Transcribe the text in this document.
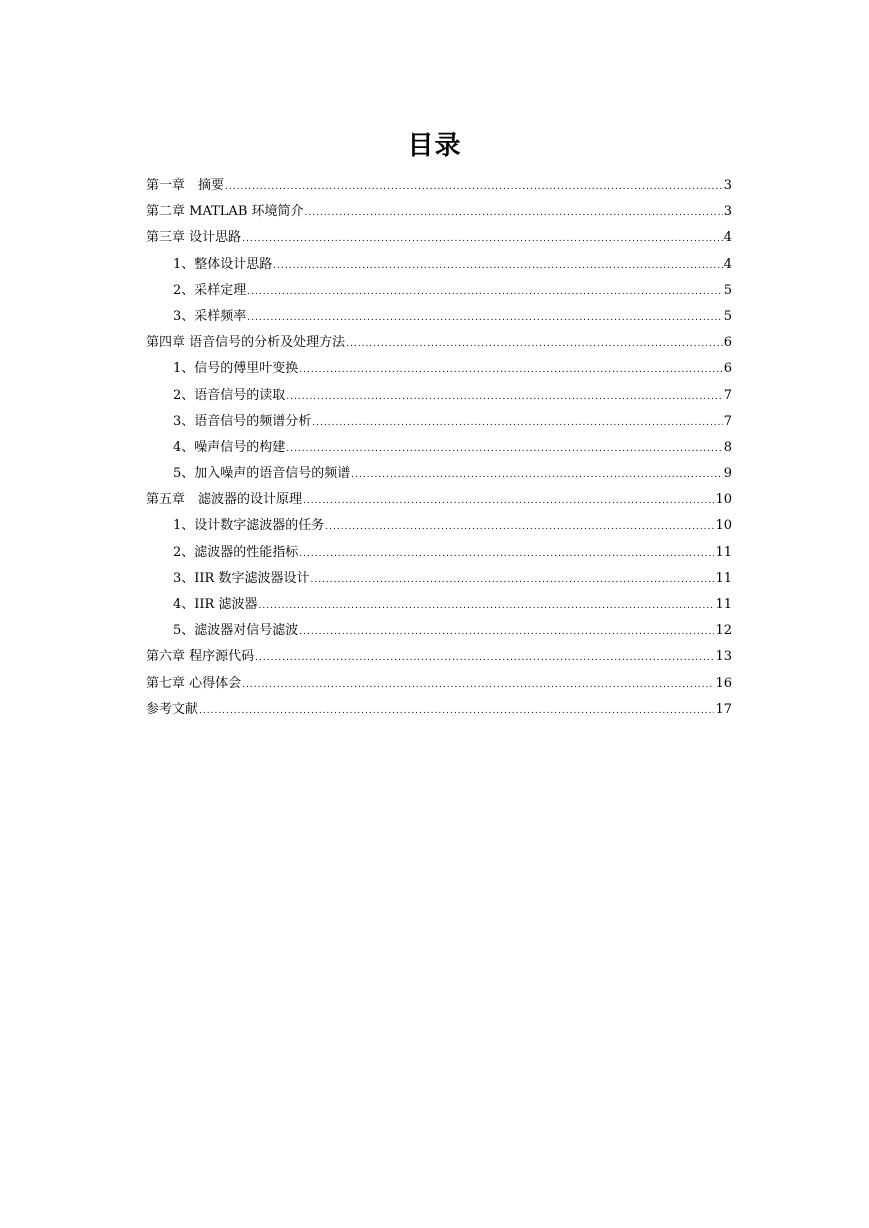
目录
第一章　摘要 .....	3
第二章 MATLAB 环境简介 .....	3
第三章 设计思路 .....	4
1、整体设计思路 .....	4
2、采样定理 .....	5
3、采样频率 .....	5
第四章 语音信号的分析及处理方法 .....	6
1、信号的傅里叶变换 .....	6
2、语音信号的读取 .....	7
3、语音信号的频谱分析 .....	7
4、噪声信号的构建 .....	8
5、加入噪声的语音信号的频谱 .....	9
第五章　滤波器的设计原理 .....	10
1、设计数字滤波器的任务 .....	10
2、滤波器的性能指标 .....	11
3、IIR 数字滤波器设计 .....	11
4、IIR 滤波器 .....	11
5、滤波器对信号滤波 .....	12
第六章 程序源代码 .....	13
第七章 心得体会 .....	16
参考文献 .....	17
